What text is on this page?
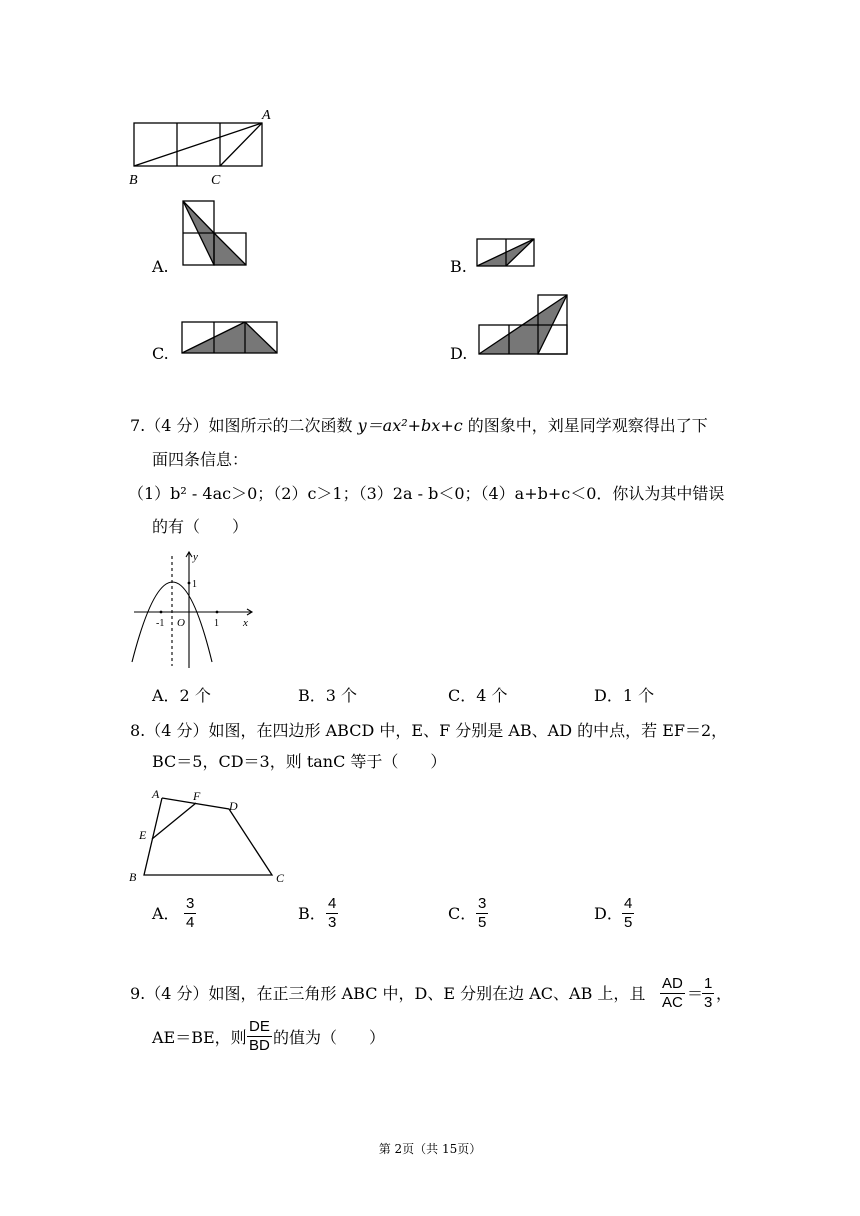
A
B	C
A.	B.
C.	D.
7.（4 分）如图所示的二次函数 y＝ax²+bx+c 的图象中，刘星同学观察得出了下
面四条信息：
（1）b² - 4ac＞0；（2）c＞1；（3）2a - b＜0；（4）a+b+c＜0．你认为其中错误
的有（　　）
y
x
O
1
-1	1
A．2 个	B．3 个	C．4 个	D．1 个
8.（4 分）如图，在四边形 ABCD 中，E、F 分别是 AB、AD 的中点，若 EF＝2，
BC＝5，CD＝3，则 tanC 等于（　　）
A	F
D
E
B	C
A． $\frac{3}{4}$	B． $\frac{4}{3}$	C． $\frac{3}{5}$	D． $\frac{4}{5}$
9.（4 分）如图，在正三角形 ABC 中，D、E 分别在边 AC、AB 上，且 $\frac{AD}{AC}$ ＝
$\frac{1}{3}$ ，
AE＝BE，则 $\frac{DE}{BD}$ 的值为（　　）
第 2页（共 15页）
